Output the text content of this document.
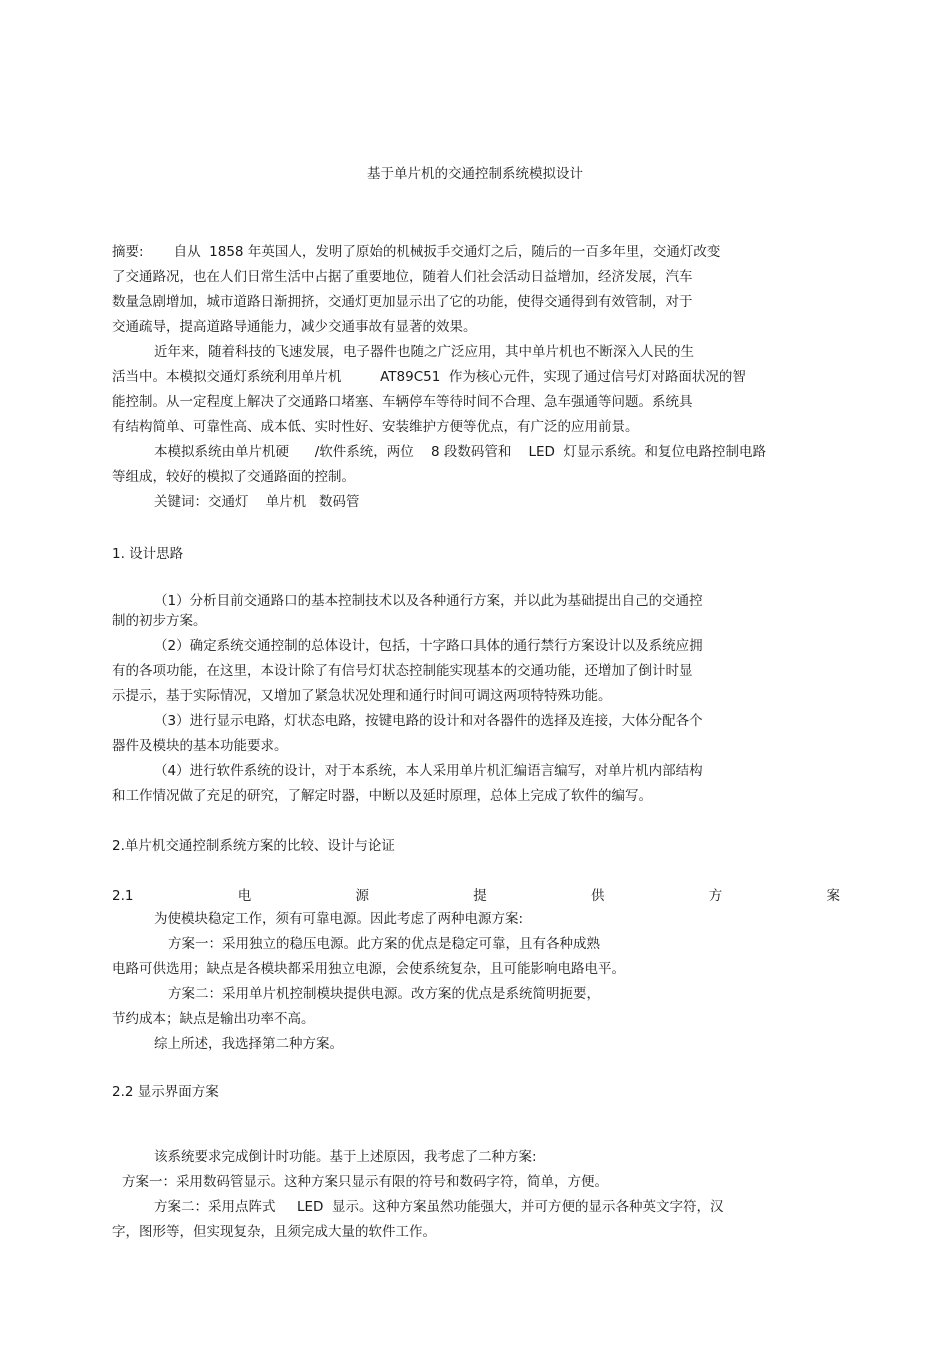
基于单片机的交通控制系统模拟设计

摘要:       自从  1858 年英国人，发明了原始的机械扳手交通灯之后，随后的一百多年里，交通灯改变

了交通路况，也在人们日常生活中占据了重要地位，随着人们社会活动日益增加，经济发展，汽车

数量急剧增加，城市道路日渐拥挤，交通灯更加显示出了它的功能，使得交通得到有效管制，对于

交通疏导，提高道路导通能力，减少交通事故有显著的效果。

近年来，随着科技的飞速发展，电子器件也随之广泛应用，其中单片机也不断深入人民的生

活当中。本模拟交通灯系统利用单片机         AT89C51  作为核心元件，实现了通过信号灯对路面状况的智

能控制。从一定程度上解决了交通路口堵塞、车辆停车等待时间不合理、急车强通等问题。系统具

有结构简单、可靠性高、成本低、实时性好、安装维护方便等优点，有广泛的应用前景。

本模拟系统由单片机硬      /软件系统，两位    8 段数码管和    LED  灯显示系统。和复位电路控制电路

等组成，较好的模拟了交通路面的控制。

关键词：交通灯    单片机   数码管

1. 设计思路

（1）分析目前交通路口的基本控制技术以及各种通行方案，并以此为基础提出自己的交通控

制的初步方案。

（2）确定系统交通控制的总体设计，包括，十字路口具体的通行禁行方案设计以及系统应拥

有的各项功能，在这里，本设计除了有信号灯状态控制能实现基本的交通功能，还增加了倒计时显

示提示，基于实际情况，又增加了紧急状况处理和通行时间可调这两项特特殊功能。

（3）进行显示电路，灯状态电路，按键电路的设计和对各器件的选择及连接，大体分配各个

器件及模块的基本功能要求。

（4）进行软件系统的设计，对于本系统，本人采用单片机汇编语言编写，对单片机内部结构

和工作情况做了充足的研究，了解定时器，中断以及延时原理，总体上完成了软件的编写。

2.单片机交通控制系统方案的比较、设计与论证

2.1	电	源	提	供	方	案

为使模块稳定工作，须有可靠电源。因此考虑了两种电源方案:

方案一：采用独立的稳压电源。此方案的优点是稳定可靠，且有各种成熟

电路可供选用；缺点是各模块都采用独立电源，会使系统复杂，且可能影响电路电平。

方案二：采用单片机控制模块提供电源。改方案的优点是系统简明扼要，

节约成本；缺点是输出功率不高。

综上所述，我选择第二种方案。

2.2 显示界面方案

该系统要求完成倒计时功能。基于上述原因，我考虑了二种方案:

方案一：采用数码管显示。这种方案只显示有限的符号和数码字符，简单，方便。

方案二：采用点阵式     LED  显示。这种方案虽然功能强大，并可方便的显示各种英文字符，汉

字，图形等，但实现复杂，且须完成大量的软件工作。
